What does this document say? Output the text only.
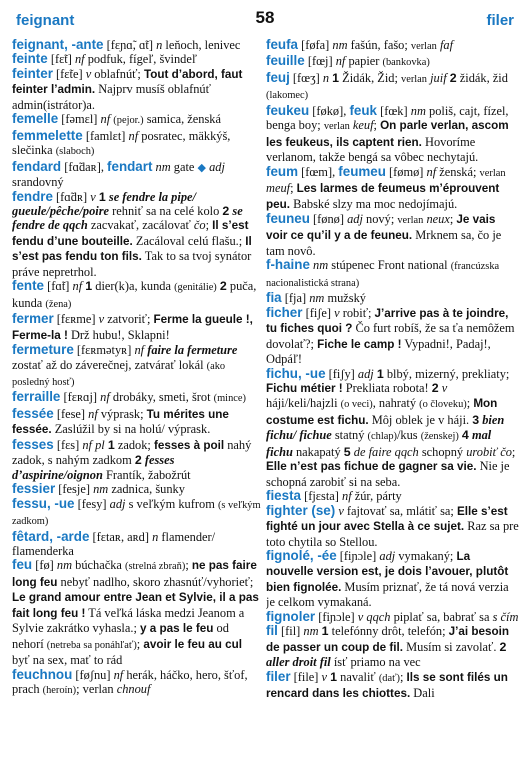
feignant	58	filer

feignant, -ante [fɛɲɑ̃, ɑ̃t] n leňoch, lenivec

feinte [fɛ̃t] nf podfuk, fígeľ, švindeľ

feinter [fɛ̃te] v oblafnúť; Tout d’abord, faut feinter l’admin. Najprv musíš oblafnúť admin(istrátor)a.

femelle [fəmɛl] nf (pejor.) samica, ženská

femmelette [famlɛt] nf posratec, mäkkýš, slečinka (slaboch)

fendard [fɑ̃daʀ], fendart nm gate ◆ adj srandovný

fendre [fɑ̃dʀ] v 1 se fendre la pipe/ gueule/pêche/poire rehniť sa na celé kolo 2 se fendre de qqch zacvakať, zacálovať čo; Il s’est fendu d’une bouteille. Zacáloval celú flašu.; Il s’est pas fendu ton fils. Tak to sa tvoj synátor práve nepretrhol.

fente [fɑ̃t] nf 1 dier(k)a, kunda (genitálie) 2 puča, kunda (žena)

fermer [fɛʀme] v zatvoriť; Ferme la gueule !, Ferme-la ! Drž hubu!, Sklapni!

fermeture [fɛʀmətyʀ] nf faire la fermeture zostať až do záverečnej, zatvárať lokál (ako posledný hosť)

ferraille [fɛʀɑj] nf drobáky, smeti, šrot (mince)

fessée [fese] nf výprask; Tu mérites une fessée. Zaslúžil by si na holú/ výprask.

fesses [fɛs] nf pl 1 zadok; fesses à poil nahý zadok, s nahým zadkom 2 fesses d’aspirine/oignon Frantík, žabožrút

fessier [fesje] nm zadnica, šunky

fessu, -ue [fesy] adj s veľkým kufrom (s veľkým zadkom)

fêtard, -arde [fɛtaʀ, aʀd] n flamender/ flamenderka

feu [fø] nm búchačka (strelná zbraň); ne pas faire long feu nebyť nadlho, skoro zhasnúť/vyhorieť; Le grand amour entre Jean et Sylvie, il a pas fait long feu ! Tá veľká láska medzi Jeanom a Sylvie zakrátko vyhasla.; y a pas le feu od nehorí (netreba sa ponáhľať); avoir le feu au cul byť na sex, mať to rád

feuchnou [føʃnu] nf herák, háčko, hero, šťof, prach (heroín); verlan chnouf

feufa [føfa] nm fašún, fašo; verlan faf

feuille [fœj] nf papier (bankovka)

feuj [fœʒ] n 1 Židák, Žid; verlan juif 2 židák, žid (lakomec)

feukeu [føkø], feuk [fœk] nm poliš, cajt, fízel, benga boy; verlan keuf; On parle verlan, ascom les feukeus, ils captent rien. Hovoríme verlanom, takže bengá sa vôbec nechytajú.

feum [fœm], feumeu [fømø] nf ženská; verlan meuf; Les larmes de feumeus m’éprouvent peu. Babské slzy ma moc nedojímajú.

feuneu [fønø] adj nový; verlan neux; Je vais voir ce qu’il y a de feuneu. Mrknem sa, čo je tam novô.

f-haine nm stúpenec Front national (francúzska nacionalistická strana)

fia [fja] nm mužský

ficher [fiʃe] v robiť; J’arrive pas à te joindre, tu fiches quoi ? Čo furt robíš, že sa ťa nemôžem dovolať?; Fiche le camp ! Vypadni!, Padaj!, Odpáľ!

fichu, -ue [fiʃy] adj 1 blbý, mizerný, prekliaty; Fichu métier ! Prekliata robota! 2 v háji/keli/hajzli (o veci), nahratý (o človeku); Mon costume est fichu. Môj oblek je v háji. 3 bien fichu/ fichue statný (chlap)/kus (ženskej) 4 mal fichu nakapatý 5 de faire qqch schopný urobiť čo; Elle n’est pas fichue de gagner sa vie. Nie je schopná zarobiť si na seba.

fiesta [fjɛsta] nf žúr, párty

fighter (se) v fajtovať sa, mlátiť sa; Elle s’est fighté un jour avec Stella à ce sujet. Raz sa pre toto chytila so Stellou.

fignolé, -ée [fiɲɔle] adj vymakaný; La nouvelle version est, je dois l’avouer, plutôt bien fignolée. Musím priznať, že tá nová verzia je celkom vymakaná.

fignoler [fiɲɔle] v qqch piplať sa, babrať sa s čím

fil [fil] nm 1 telefónny drôt, telefón; J’ai besoin de passer un coup de fil. Musím si zavolať. 2 aller droit fil ísť priamo na vec

filer [file] v 1 navaliť (dať); Ils se sont filés un rencard dans les chiottes. Dali
